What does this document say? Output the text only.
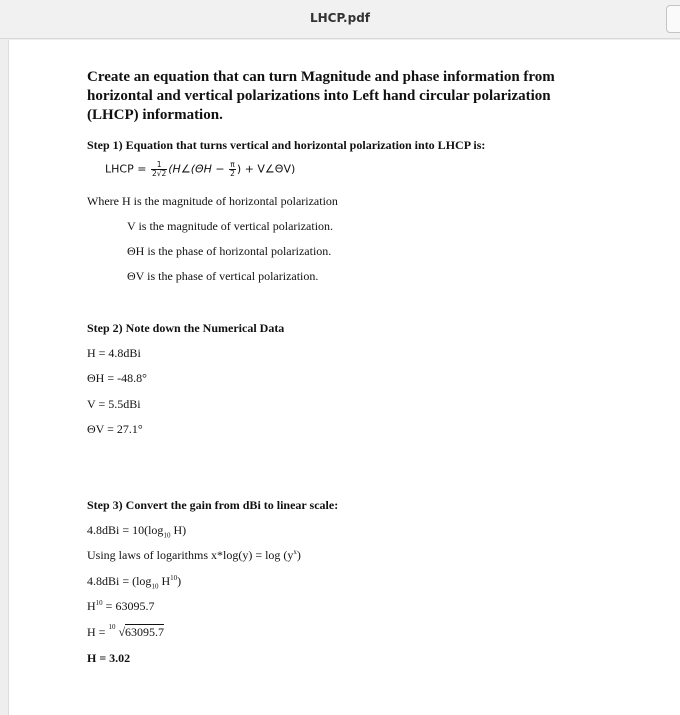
LHCP.pdf
Create an equation that can turn Magnitude and phase information from horizontal and vertical polarizations into Left hand circular polarization (LHCP) information.
Step 1) Equation that turns vertical and horizontal polarization into LHCP is:
LHCP = $\frac{1}{2√2}$ (H∠(ΘH − $\frac{\pi}{2}$ ) + V∠ΘV)
Where H is the magnitude of horizontal polarization
V is the magnitude of vertical polarization.
ΘH is the phase of horizontal polarization.
ΘV is the phase of vertical polarization.
Step 2) Note down the Numerical Data
H = 4.8dBi
ΘH = -48.8°
V = 5.5dBi
ΘV = 27.1°
Step 3) Convert the gain from dBi to linear scale:
$4.8dBi = 10(\log_{10}$ H)
Using laws of logarithms $x*\log(y) = \log (y^x)$
$4.8dBi = (\log_{10}$ $H^{10}$)
$H^{10} = 63095.7$
H = 10 √63095.7
H = 3.02
